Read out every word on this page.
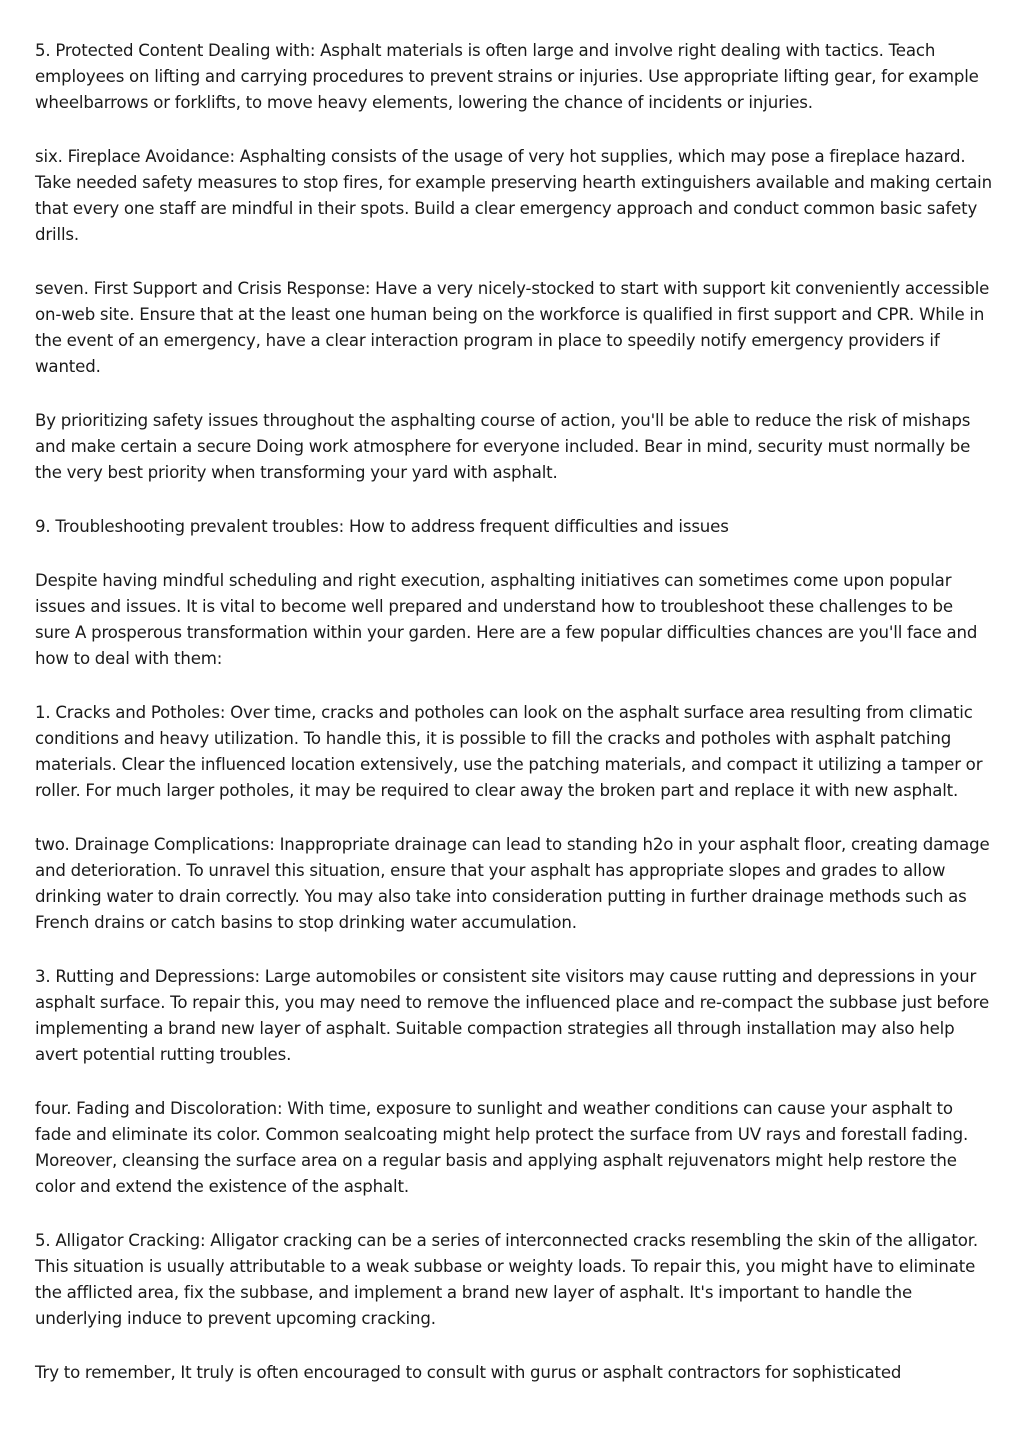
5. Protected Content Dealing with: Asphalt materials is often large and involve right dealing with tactics. Teach employees on lifting and carrying procedures to prevent strains or injuries. Use appropriate lifting gear, for example wheelbarrows or forklifts, to move heavy elements, lowering the chance of incidents or injuries.

six. Fireplace Avoidance: Asphalting consists of the usage of very hot supplies, which may pose a fireplace hazard. Take needed safety measures to stop fires, for example preserving hearth extinguishers available and making certain that every one staff are mindful in their spots. Build a clear emergency approach and conduct common basic safety drills.

seven. First Support and Crisis Response: Have a very nicely-stocked to start with support kit conveniently accessible on-web site. Ensure that at the least one human being on the workforce is qualified in first support and CPR. While in the event of an emergency, have a clear interaction program in place to speedily notify emergency providers if wanted.

By prioritizing safety issues throughout the asphalting course of action, you'll be able to reduce the risk of mishaps and make certain a secure Doing work atmosphere for everyone included. Bear in mind, security must normally be the very best priority when transforming your yard with asphalt.

9. Troubleshooting prevalent troubles: How to address frequent difficulties and issues

Despite having mindful scheduling and right execution, asphalting initiatives can sometimes come upon popular issues and issues. It is vital to become well prepared and understand how to troubleshoot these challenges to be sure A prosperous transformation within your garden. Here are a few popular difficulties chances are you'll face and how to deal with them:

1. Cracks and Potholes: Over time, cracks and potholes can look on the asphalt surface area resulting from climatic conditions and heavy utilization. To handle this, it is possible to fill the cracks and potholes with asphalt patching materials. Clear the influenced location extensively, use the patching materials, and compact it utilizing a tamper or roller. For much larger potholes, it may be required to clear away the broken part and replace it with new asphalt.

two. Drainage Complications: Inappropriate drainage can lead to standing h2o in your asphalt floor, creating damage and deterioration. To unravel this situation, ensure that your asphalt has appropriate slopes and grades to allow drinking water to drain correctly. You may also take into consideration putting in further drainage methods such as French drains or catch basins to stop drinking water accumulation.

3. Rutting and Depressions: Large automobiles or consistent site visitors may cause rutting and depressions in your asphalt surface. To repair this, you may need to remove the influenced place and re-compact the subbase just before implementing a brand new layer of asphalt. Suitable compaction strategies all through installation may also help avert potential rutting troubles.

four. Fading and Discoloration: With time, exposure to sunlight and weather conditions can cause your asphalt to fade and eliminate its color. Common sealcoating might help protect the surface from UV rays and forestall fading. Moreover, cleansing the surface area on a regular basis and applying asphalt rejuvenators might help restore the color and extend the existence of the asphalt.

5. Alligator Cracking: Alligator cracking can be a series of interconnected cracks resembling the skin of the alligator. This situation is usually attributable to a weak subbase or weighty loads. To repair this, you might have to eliminate the afflicted area, fix the subbase, and implement a brand new layer of asphalt. It's important to handle the underlying induce to prevent upcoming cracking.

Try to remember, It truly is often encouraged to consult with gurus or asphalt contractors for sophisticated
